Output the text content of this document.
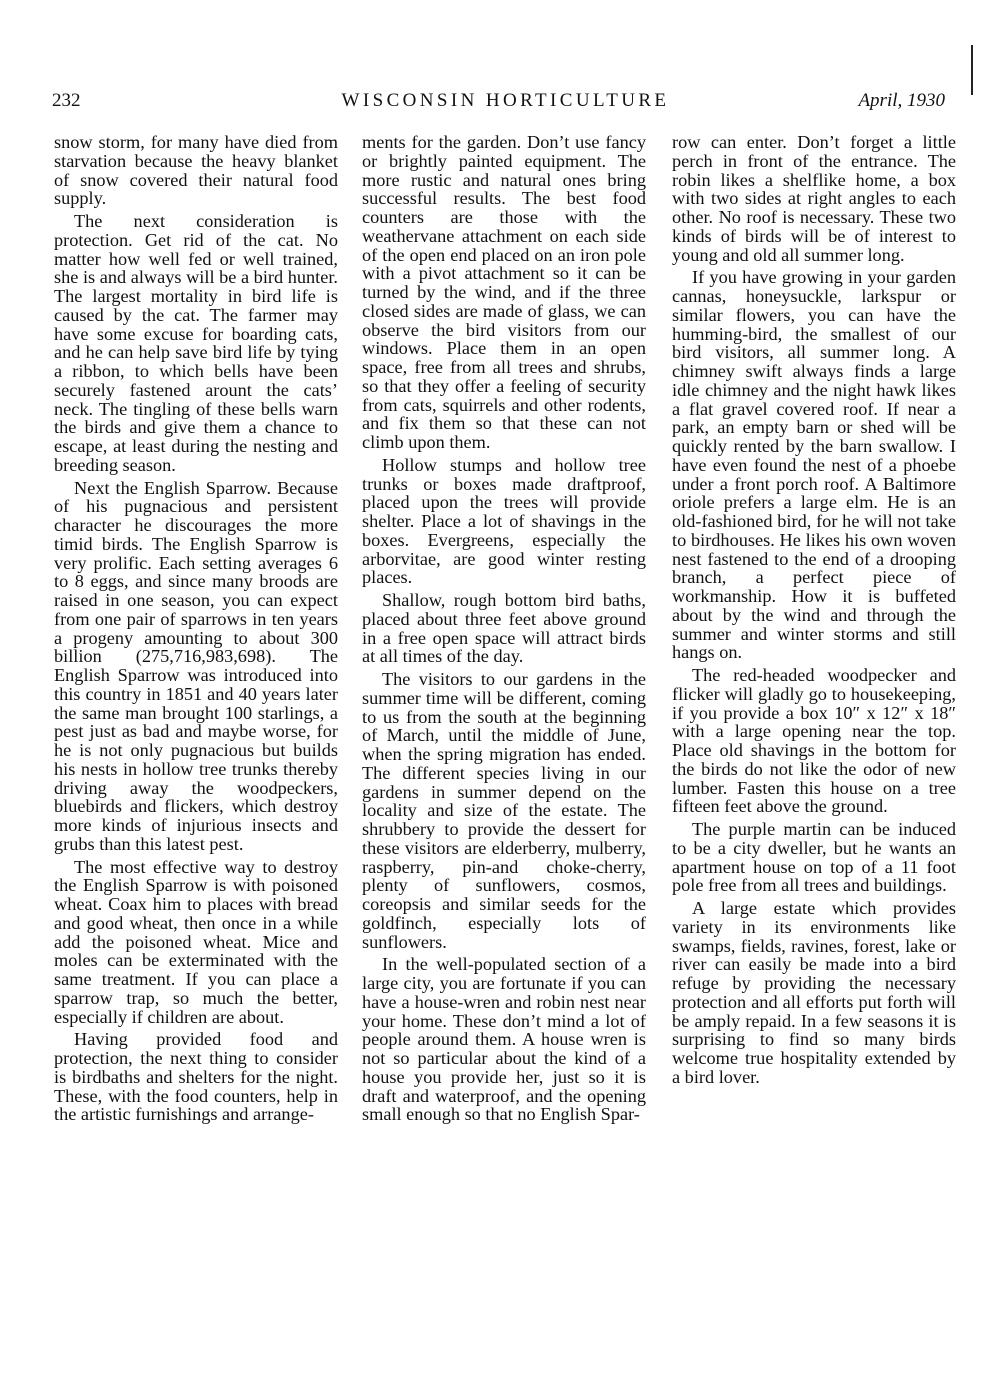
232	WISCONSIN HORTICULTURE	April, 1930

snow storm, for many have died from starvation because the heavy blanket of snow covered their natural food supply.

The next consideration is protection. Get rid of the cat. No matter how well fed or well trained, she is and always will be a bird hunter. The largest mortality in bird life is caused by the cat. The farmer may have some excuse for boarding cats, and he can help save bird life by tying a ribbon, to which bells have been securely fastened arount the cats’ neck. The tingling of these bells warn the birds and give them a chance to escape, at least during the nesting and breeding season.

Next the English Sparrow. Because of his pugnacious and persistent character he discourages the more timid birds. The English Sparrow is very prolific. Each setting averages 6 to 8 eggs, and since many broods are raised in one season, you can expect from one pair of sparrows in ten years a progeny amounting to about 300 billion (275,716,983,698). The English Sparrow was introduced into this country in 1851 and 40 years later the same man brought 100 starlings, a pest just as bad and maybe worse, for he is not only pugnacious but builds his nests in hollow tree trunks thereby driving away the woodpeckers, bluebirds and flickers, which destroy more kinds of injurious insects and grubs than this latest pest.

The most effective way to destroy the English Sparrow is with poisoned wheat. Coax him to places with bread and good wheat, then once in a while add the poisoned wheat. Mice and moles can be exterminated with the same treatment. If you can place a sparrow trap, so much the better, especially if children are about.

Having provided food and protection, the next thing to consider is birdbaths and shelters for the night. These, with the food counters, help in the artistic furnishings and arrange-

ments for the garden. Don’t use fancy or brightly painted equipment. The more rustic and natural ones bring successful results. The best food counters are those with the weathervane attachment on each side of the open end placed on an iron pole with a pivot attachment so it can be turned by the wind, and if the three closed sides are made of glass, we can observe the bird visitors from our windows. Place them in an open space, free from all trees and shrubs, so that they offer a feeling of security from cats, squirrels and other rodents, and fix them so that these can not climb upon them.

Hollow stumps and hollow tree trunks or boxes made draftproof, placed upon the trees will provide shelter. Place a lot of shavings in the boxes. Evergreens, especially the arborvitae, are good winter resting places.

Shallow, rough bottom bird baths, placed about three feet above ground in a free open space will attract birds at all times of the day.

The visitors to our gardens in the summer time will be different, coming to us from the south at the beginning of March, until the middle of June, when the spring migration has ended. The different species living in our gardens in summer depend on the locality and size of the estate. The shrubbery to provide the dessert for these visitors are elderberry, mulberry, raspberry, pin-and choke-cherry, plenty of sunflowers, cosmos, coreopsis and similar seeds for the goldfinch, especially lots of sunflowers.

In the well-populated section of a large city, you are fortunate if you can have a house-wren and robin nest near your home. These don’t mind a lot of people around them. A house wren is not so particular about the kind of a house you provide her, just so it is draft and waterproof, and the opening small enough so that no English Spar-

row can enter. Don’t forget a little perch in front of the entrance. The robin likes a shelflike home, a box with two sides at right angles to each other. No roof is necessary. These two kinds of birds will be of interest to young and old all summer long.

If you have growing in your garden cannas, honeysuckle, larkspur or similar flowers, you can have the humming-bird, the smallest of our bird visitors, all summer long. A chimney swift always finds a large idle chimney and the night hawk likes a flat gravel covered roof. If near a park, an empty barn or shed will be quickly rented by the barn swallow. I have even found the nest of a phoebe under a front porch roof. A Baltimore oriole prefers a large elm. He is an old-fashioned bird, for he will not take to birdhouses. He likes his own woven nest fastened to the end of a drooping branch, a perfect piece of workmanship. How it is buffeted about by the wind and through the summer and winter storms and still hangs on.

The red-headed woodpecker and flicker will gladly go to housekeeping, if you provide a box 10″ x 12″ x 18″ with a large opening near the top. Place old shavings in the bottom for the birds do not like the odor of new lumber. Fasten this house on a tree fifteen feet above the ground.

The purple martin can be induced to be a city dweller, but he wants an apartment house on top of a 11 foot pole free from all trees and buildings.

A large estate which provides variety in its environments like swamps, fields, ravines, forest, lake or river can easily be made into a bird refuge by providing the necessary protection and all efforts put forth will be amply repaid. In a few seasons it is surprising to find so many birds welcome true hospitality extended by a bird lover.
